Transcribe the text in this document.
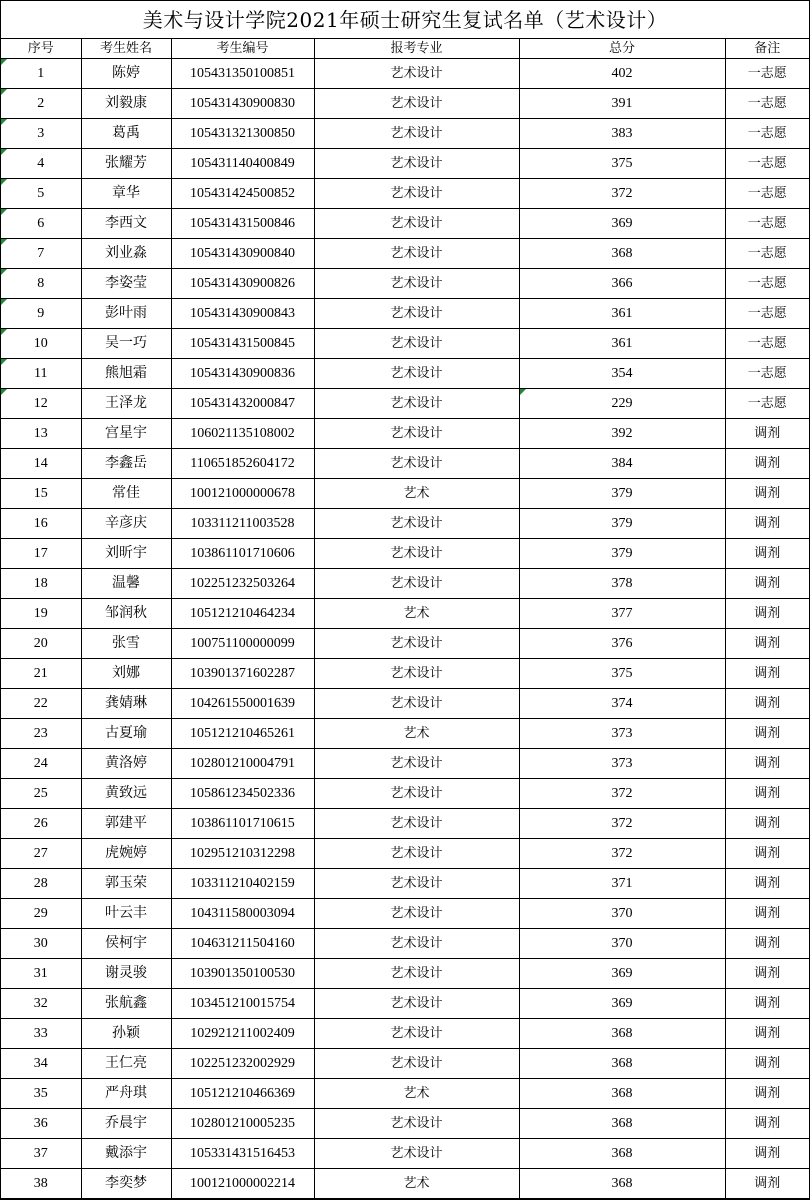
美术与设计学院2021年硕士研究生复试名单（艺术设计）
序号	考生姓名	考生编号	报考专业	总分	备注
1	陈婷	105431350100851	艺术设计	402	一志愿
2	刘毅康	105431430900830	艺术设计	391	一志愿
3	葛禹	105431321300850	艺术设计	383	一志愿
4	张耀芳	105431140400849	艺术设计	375	一志愿
5	章华	105431424500852	艺术设计	372	一志愿
6	李西文	105431431500846	艺术设计	369	一志愿
7	刘业淼	105431430900840	艺术设计	368	一志愿
8	李姿莹	105431430900826	艺术设计	366	一志愿
9	彭叶雨	105431430900843	艺术设计	361	一志愿
10	吴一巧	105431431500845	艺术设计	361	一志愿
11	熊旭霜	105431430900836	艺术设计	354	一志愿
12	王泽龙	105431432000847	艺术设计	229	一志愿
13	宫星宇	106021135108002	艺术设计	392	调剂
14	李鑫岳	110651852604172	艺术设计	384	调剂
15	常佳	100121000000678	艺术	379	调剂
16	辛彦庆	103311211003528	艺术设计	379	调剂
17	刘昕宇	103861101710606	艺术设计	379	调剂
18	温馨	102251232503264	艺术设计	378	调剂
19	邹润秋	105121210464234	艺术	377	调剂
20	张雪	100751100000099	艺术设计	376	调剂
21	刘娜	103901371602287	艺术设计	375	调剂
22	龚婧琳	104261550001639	艺术设计	374	调剂
23	古夏瑜	105121210465261	艺术	373	调剂
24	黄洛婷	102801210004791	艺术设计	373	调剂
25	黄致远	105861234502336	艺术设计	372	调剂
26	郭建平	103861101710615	艺术设计	372	调剂
27	虎婉婷	102951210312298	艺术设计	372	调剂
28	郭玉荣	103311210402159	艺术设计	371	调剂
29	叶云丰	104311580003094	艺术设计	370	调剂
30	侯柯宇	104631211504160	艺术设计	370	调剂
31	谢灵骏	103901350100530	艺术设计	369	调剂
32	张航鑫	103451210015754	艺术设计	369	调剂
33	孙颖	102921211002409	艺术设计	368	调剂
34	王仁亮	102251232002929	艺术设计	368	调剂
35	严舟琪	105121210466369	艺术	368	调剂
36	乔晨宇	102801210005235	艺术设计	368	调剂
37	戴添宇	105331431516453	艺术设计	368	调剂
38	李奕梦	100121000002214	艺术	368	调剂
